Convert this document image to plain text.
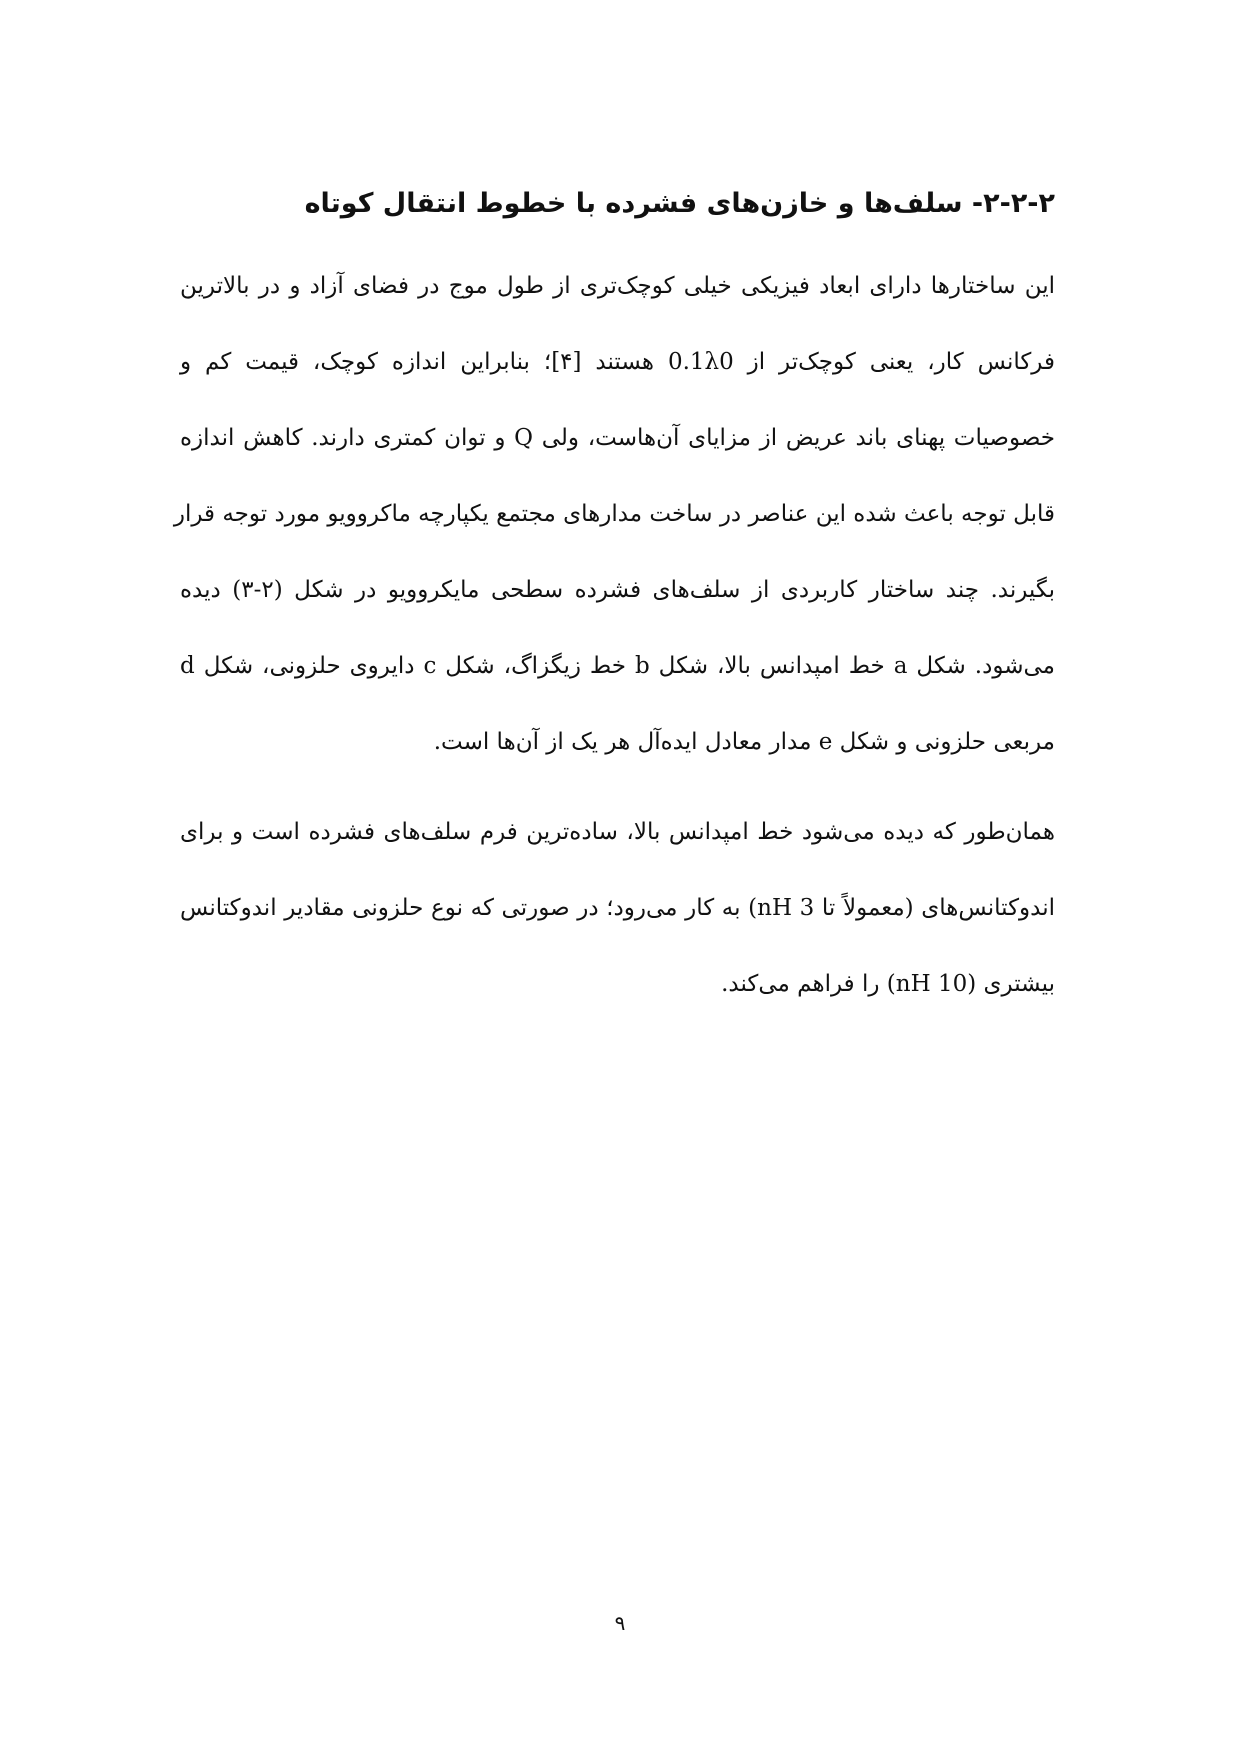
۲-۲-۲- سلف‌ها و خازن‌های فشرده با خطوط انتقال کوتاه
این ساختارها دارای ابعاد فیزیکی خیلی کوچک‌تری از طول موج در فضای آزاد و در بالاترین
فرکانس کار، یعنی کوچک‌تر از 0.1λ0 هستند [۴]؛ بنابراین اندازه کوچک، قیمت کم و
خصوصیات پهنای باند عریض از مزایای آن‌هاست، ولی Q و توان کمتری دارند. کاهش اندازه
قابل توجه باعث شده این عناصر در ساخت مدارهای مجتمع یکپارچه ماکروویو مورد توجه قرار
بگیرند. چند ساختار کاربردی از سلف‌های فشرده سطحی مایکروویو در شکل (۲-۳) دیده
می‌شود. شکل a خط امپدانس بالا، شکل b خط زیگزاگ، شکل c دایروی حلزونی، شکل d
مربعی حلزونی و شکل e مدار معادل ایده‌آل هر یک از آن‌ها است.
همان‌طور که دیده می‌شود خط امپدانس بالا، ساده‌ترین فرم سلف‌های فشرده است و برای
اندوکتانس‌های (معمولاً تا 3 nH) به کار می‌رود؛ در صورتی که نوع حلزونی مقادیر اندوکتانس
بیشتری (10 nH) را فراهم می‌کند.
۹
